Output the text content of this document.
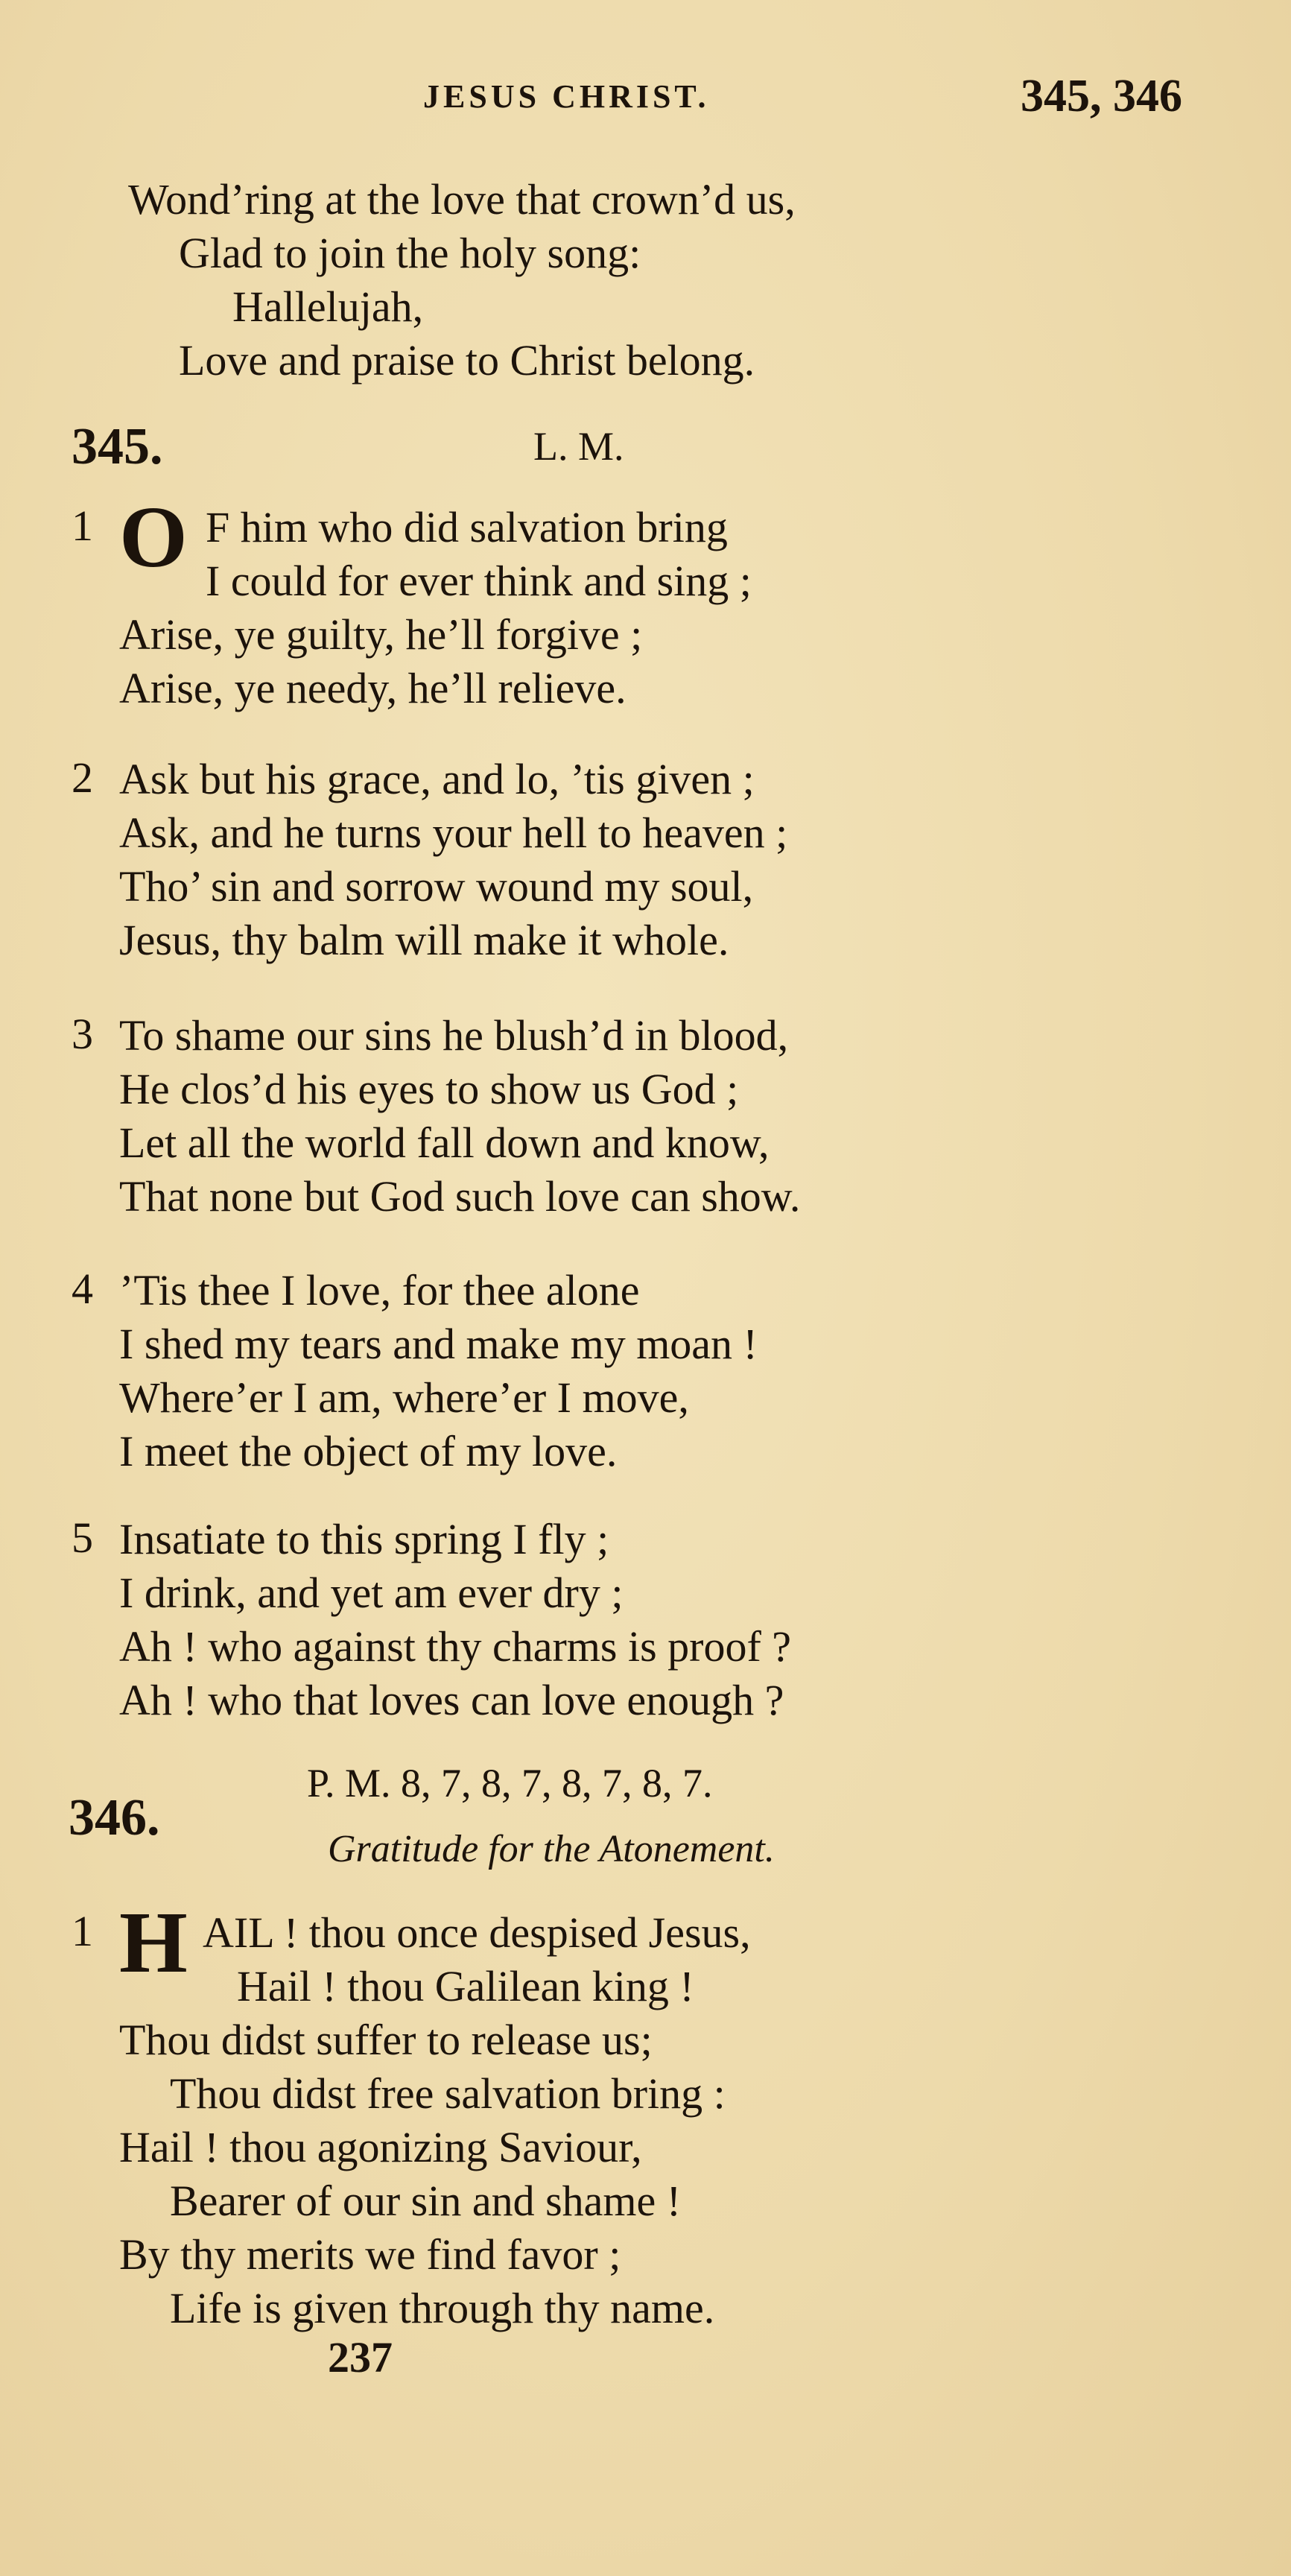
JESUS CHRIST.	345, 346
Wond’ring at the love that crown’d us,
Glad to join the holy song:
Hallelujah,
Love and praise to Christ belong.
345.	L. M.
1 O F him who did salvation bring
I could for ever think and sing ;
Arise, ye guilty, he’ll forgive ;
Arise, ye needy, he’ll relieve.
2 Ask but his grace, and lo, ’tis given ;
Ask, and he turns your hell to heaven ;
Tho’ sin and sorrow wound my soul,
Jesus, thy balm will make it whole.
3 To shame our sins he blush’d in blood,
He clos’d his eyes to show us God ;
Let all the world fall down and know,
That none but God such love can show.
4 ’Tis thee I love, for thee alone
I shed my tears and make my moan !
Where’er I am, where’er I move,
I meet the object of my love.
5 Insatiate to this spring I fly ;
I drink, and yet am ever dry ;
Ah ! who against thy charms is proof ?
Ah ! who that loves can love enough ?
P. M. 8, 7, 8, 7, 8, 7, 8, 7.
346.
Gratitude for the Atonement.
1 H AIL ! thou once despised Jesus,
Hail ! thou Galilean king !
Thou didst suffer to release us;
Thou didst free salvation bring :
Hail ! thou agonizing Saviour,
Bearer of our sin and shame !
By thy merits we find favor ;
Life is given through thy name.
237
